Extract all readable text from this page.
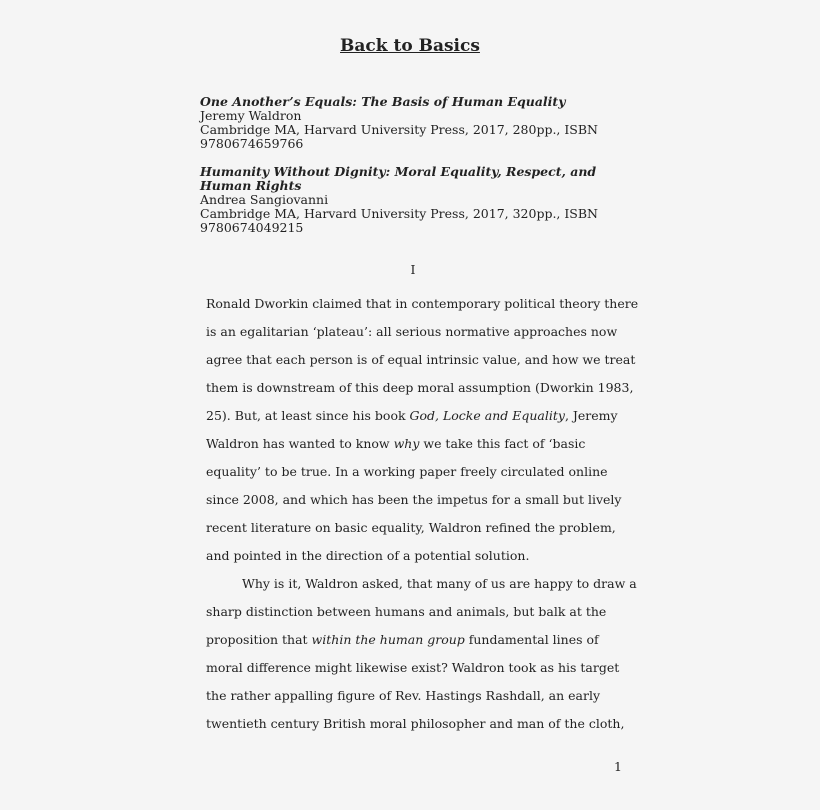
Back to Basics
One Another’s Equals: The Basis of Human Equality
Jeremy Waldron
Cambridge MA, Harvard University Press, 2017, 280pp., ISBN
9780674659766
Humanity Without Dignity: Moral Equality, Respect, and
Human Rights
Andrea Sangiovanni
Cambridge MA, Harvard University Press, 2017, 320pp., ISBN
9780674049215
I
Ronald Dworkin claimed that in contemporary political theory there
is an egalitarian ‘plateau’: all serious normative approaches now
agree that each person is of equal intrinsic value, and how we treat
them is downstream of this deep moral assumption (Dworkin 1983,
25). But, at least since his book God, Locke and Equality, Jeremy
Waldron has wanted to know why we take this fact of ‘basic
equality’ to be true. In a working paper freely circulated online
since 2008, and which has been the impetus for a small but lively
recent literature on basic equality, Waldron refined the problem,
and pointed in the direction of a potential solution.
Why is it, Waldron asked, that many of us are happy to draw a
sharp distinction between humans and animals, but balk at the
proposition that within the human group fundamental lines of
moral difference might likewise exist? Waldron took as his target
the rather appalling figure of Rev. Hastings Rashdall, an early
twentieth century British moral philosopher and man of the cloth,
1
